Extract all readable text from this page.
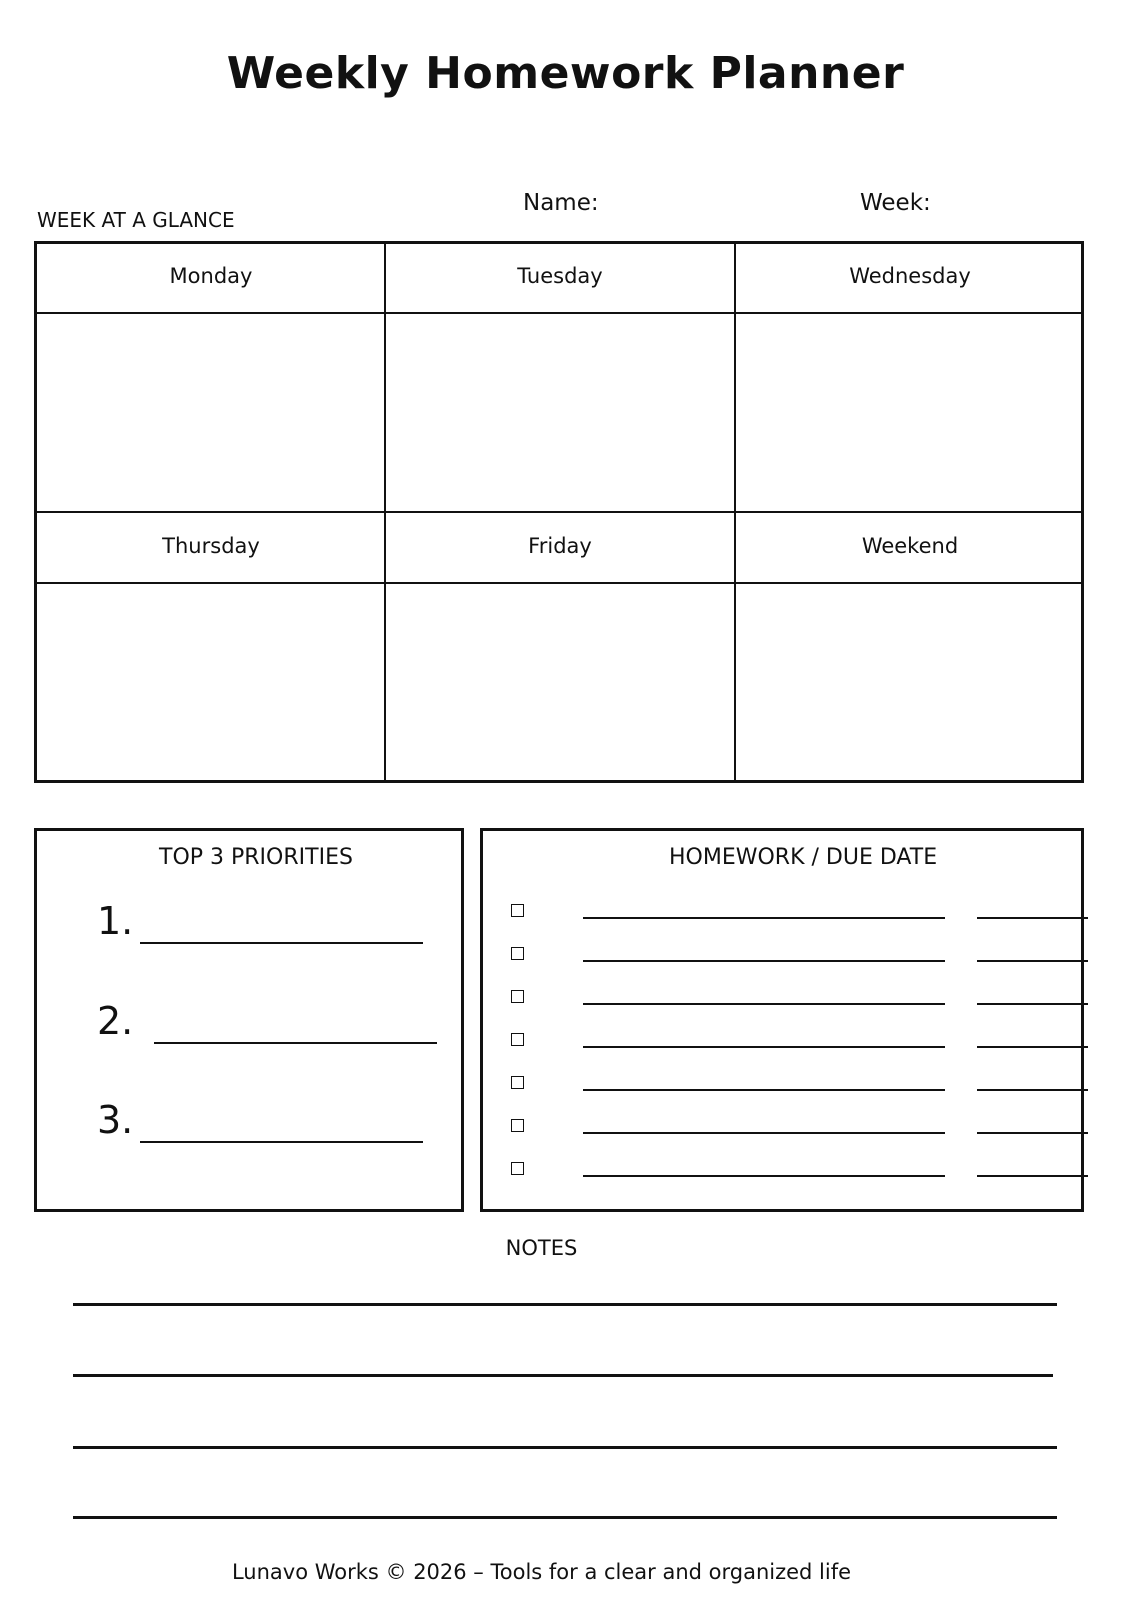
Weekly Homework Planner
WEEK AT A GLANCE
Name:	Week:
Monday	Tuesday	Wednesday
Thursday	Friday	Weekend
TOP 3 PRIORITIES
1.
2.
3.
HOMEWORK / DUE DATE
NOTES
Lunavo Works © 2026 – Tools for a clear and organized life
